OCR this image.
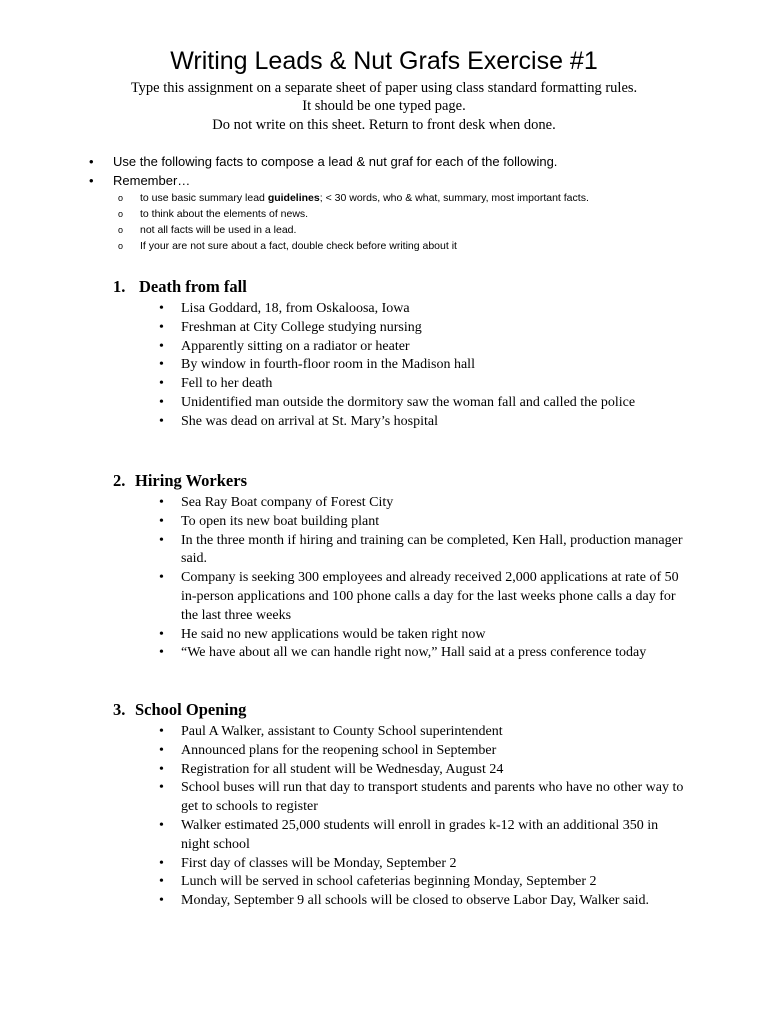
Writing Leads & Nut Grafs Exercise #1
Type this assignment on a separate sheet of paper using class standard formatting rules.
It should be one typed page.
Do not write on this sheet. Return to front desk when done.
• Use the following facts to compose a lead & nut graf for each of the following.
• Remember…
o to use basic summary lead guidelines; < 30 words, who & what, summary, most important facts.
o to think about the elements of news.
o not all facts will be used in a lead.
o If your are not sure about a fact, double check before writing about it
1. Death from fall
• Lisa Goddard, 18, from Oskaloosa, Iowa
• Freshman at City College studying nursing
• Apparently sitting on a radiator or heater
• By window in fourth-floor room in the Madison hall
• Fell to her death
• Unidentified man outside the dormitory saw the woman fall and called the police
• She was dead on arrival at St. Mary’s hospital
2. Hiring Workers
• Sea Ray Boat company of Forest City
• To open its new boat building plant
• In the three month if hiring and training can be completed, Ken Hall, production manager said.
• Company is seeking 300 employees and already received 2,000 applications at rate of 50 in-person applications and 100 phone calls a day for the last weeks phone calls a day for the last three weeks
• He said no new applications would be taken right now
• “We have about all we can handle right now,” Hall said at a press conference today
3. School Opening
• Paul A Walker, assistant to County School superintendent
• Announced plans for the reopening school in September
• Registration for all student will be Wednesday, August 24
• School buses will run that day to transport students and parents who have no other way to get to schools to register
• Walker estimated 25,000 students will enroll in grades k-12 with an additional 350 in night school
• First day of classes will be Monday, September 2
• Lunch will be served in school cafeterias beginning Monday, September 2
• Monday, September 9 all schools will be closed to observe Labor Day, Walker said.
